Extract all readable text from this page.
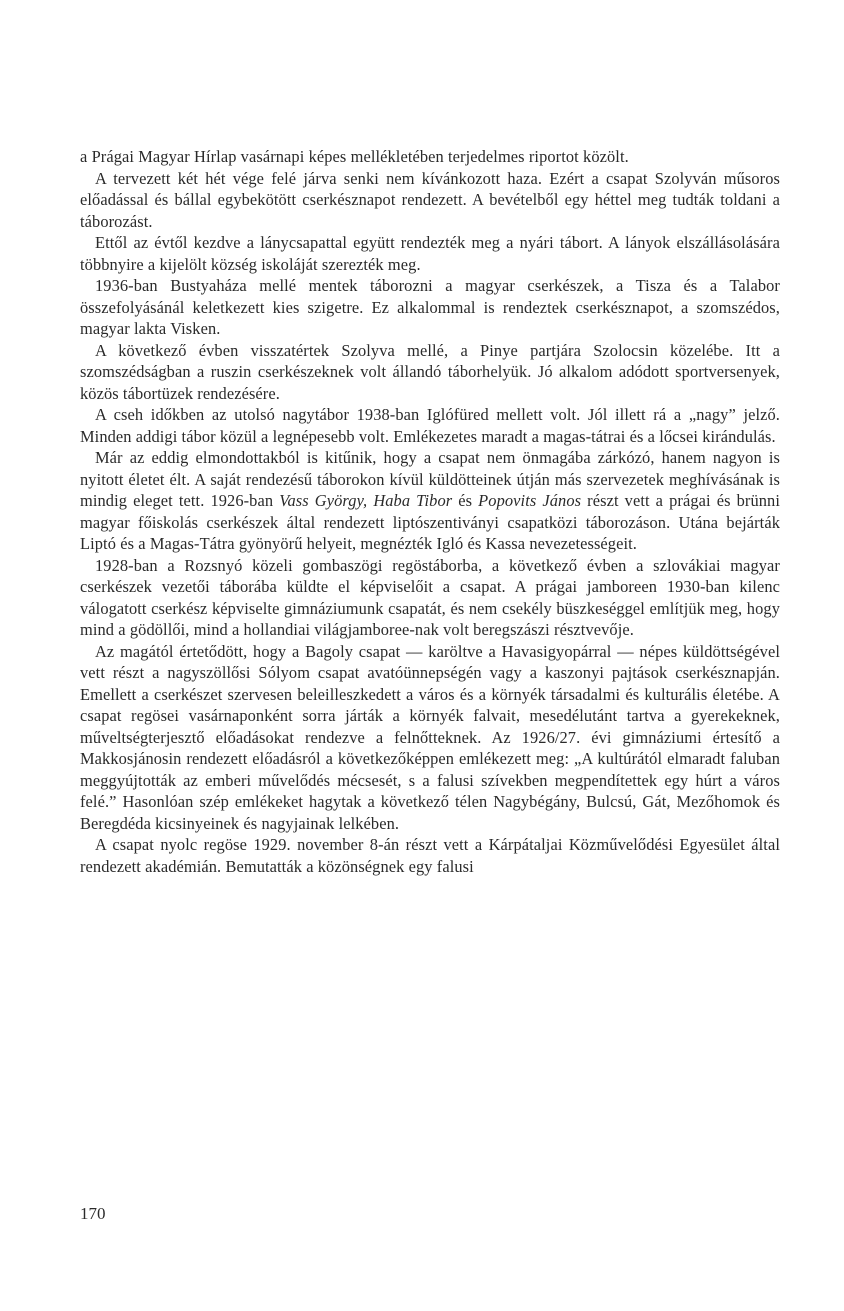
a Prágai Magyar Hírlap vasárnapi képes mellékletében terjedelmes riportot közölt.

A tervezett két hét vége felé járva senki nem kívánkozott haza. Ezért a csapat Szolyván műsoros előadással és bállal egybekötött cserkésznapot rendezett. A bevételből egy héttel meg tudták toldani a táborozást.

Ettől az évtől kezdve a lánycsapattal együtt rendezték meg a nyári tábort. A lányok elszállásolására többnyire a kijelölt község iskoláját szerezték meg.

1936-ban Bustyaháza mellé mentek táborozni a magyar cserkészek, a Tisza és a Talabor összefolyásánál keletkezett kies szigetre. Ez alkalommal is rendeztek cserkésznapot, a szomszédos, magyar lakta Visken.

A következő évben visszatértek Szolyva mellé, a Pinye partjára Szolocsin közelébe. Itt a szomszédságban a ruszin cserkészeknek volt állandó táborhelyük. Jó alkalom adódott sportversenyek, közös tábortüzek rendezésére.

A cseh időkben az utolsó nagytábor 1938-ban Iglófüred mellett volt. Jól illett rá a „nagy” jelző. Minden addigi tábor közül a legnépesebb volt. Emlékezetes maradt a magas-tátrai és a lőcsei kirándulás.

Már az eddig elmondottakból is kitűnik, hogy a csapat nem önmagába zárkózó, hanem nagyon is nyitott életet élt. A saját rendezésű táborokon kívül küldötteinek útján más szervezetek meghívásának is mindig eleget tett. 1926-ban Vass György, Haba Tibor és Popovits János részt vett a prágai és brünni magyar főiskolás cserkészek által rendezett liptószentiványi csapatközi táborozáson. Utána bejárták Liptó és a Magas-Tátra gyönyörű helyeit, megnézték Igló és Kassa nevezetességeit.

1928-ban a Rozsnyó közeli gombaszögi regöstáborba, a következő évben a szlovákiai magyar cserkészek vezetői táborába küldte el képviselőit a csapat. A prágai jamboreen 1930-ban kilenc válogatott cserkész képviselte gimnáziumunk csapatát, és nem csekély büszkeséggel említjük meg, hogy mind a gödöllői, mind a hollandiai világjamboree-nak volt beregszászi résztvevője.

Az magától értetődött, hogy a Bagoly csapat — karöltve a Havasigyopárral — népes küldöttségével vett részt a nagyszöllősi Sólyom csapat avatóünnepségén vagy a kaszonyi pajtások cserkésznapján. Emellett a cserkészet szervesen beleilleszkedett a város és a környék társadalmi és kulturális életébe. A csapat regösei vasárnaponként sorra járták a környék falvait, mesedélutánt tartva a gyerekeknek, műveltségterjesztő előadásokat rendezve a felnőtteknek. Az 1926/27. évi gimnáziumi értesítő a Makkosjánosin rendezett előadásról a következőképpen emlékezett meg: „A kultúrától elmaradt faluban meggyújtották az emberi művelődés mécsesét, s a falusi szívekben megpendítettek egy húrt a város felé.” Hasonlóan szép emlékeket hagytak a következő télen Nagybégány, Bulcsú, Gát, Mezőhomok és Beregdéda kicsinyeinek és nagyjainak lelkében.

A csapat nyolc regöse 1929. november 8-án részt vett a Kárpátaljai Közművelődési Egyesület által rendezett akadémián. Bemutatták a közönségnek egy falusi

170
